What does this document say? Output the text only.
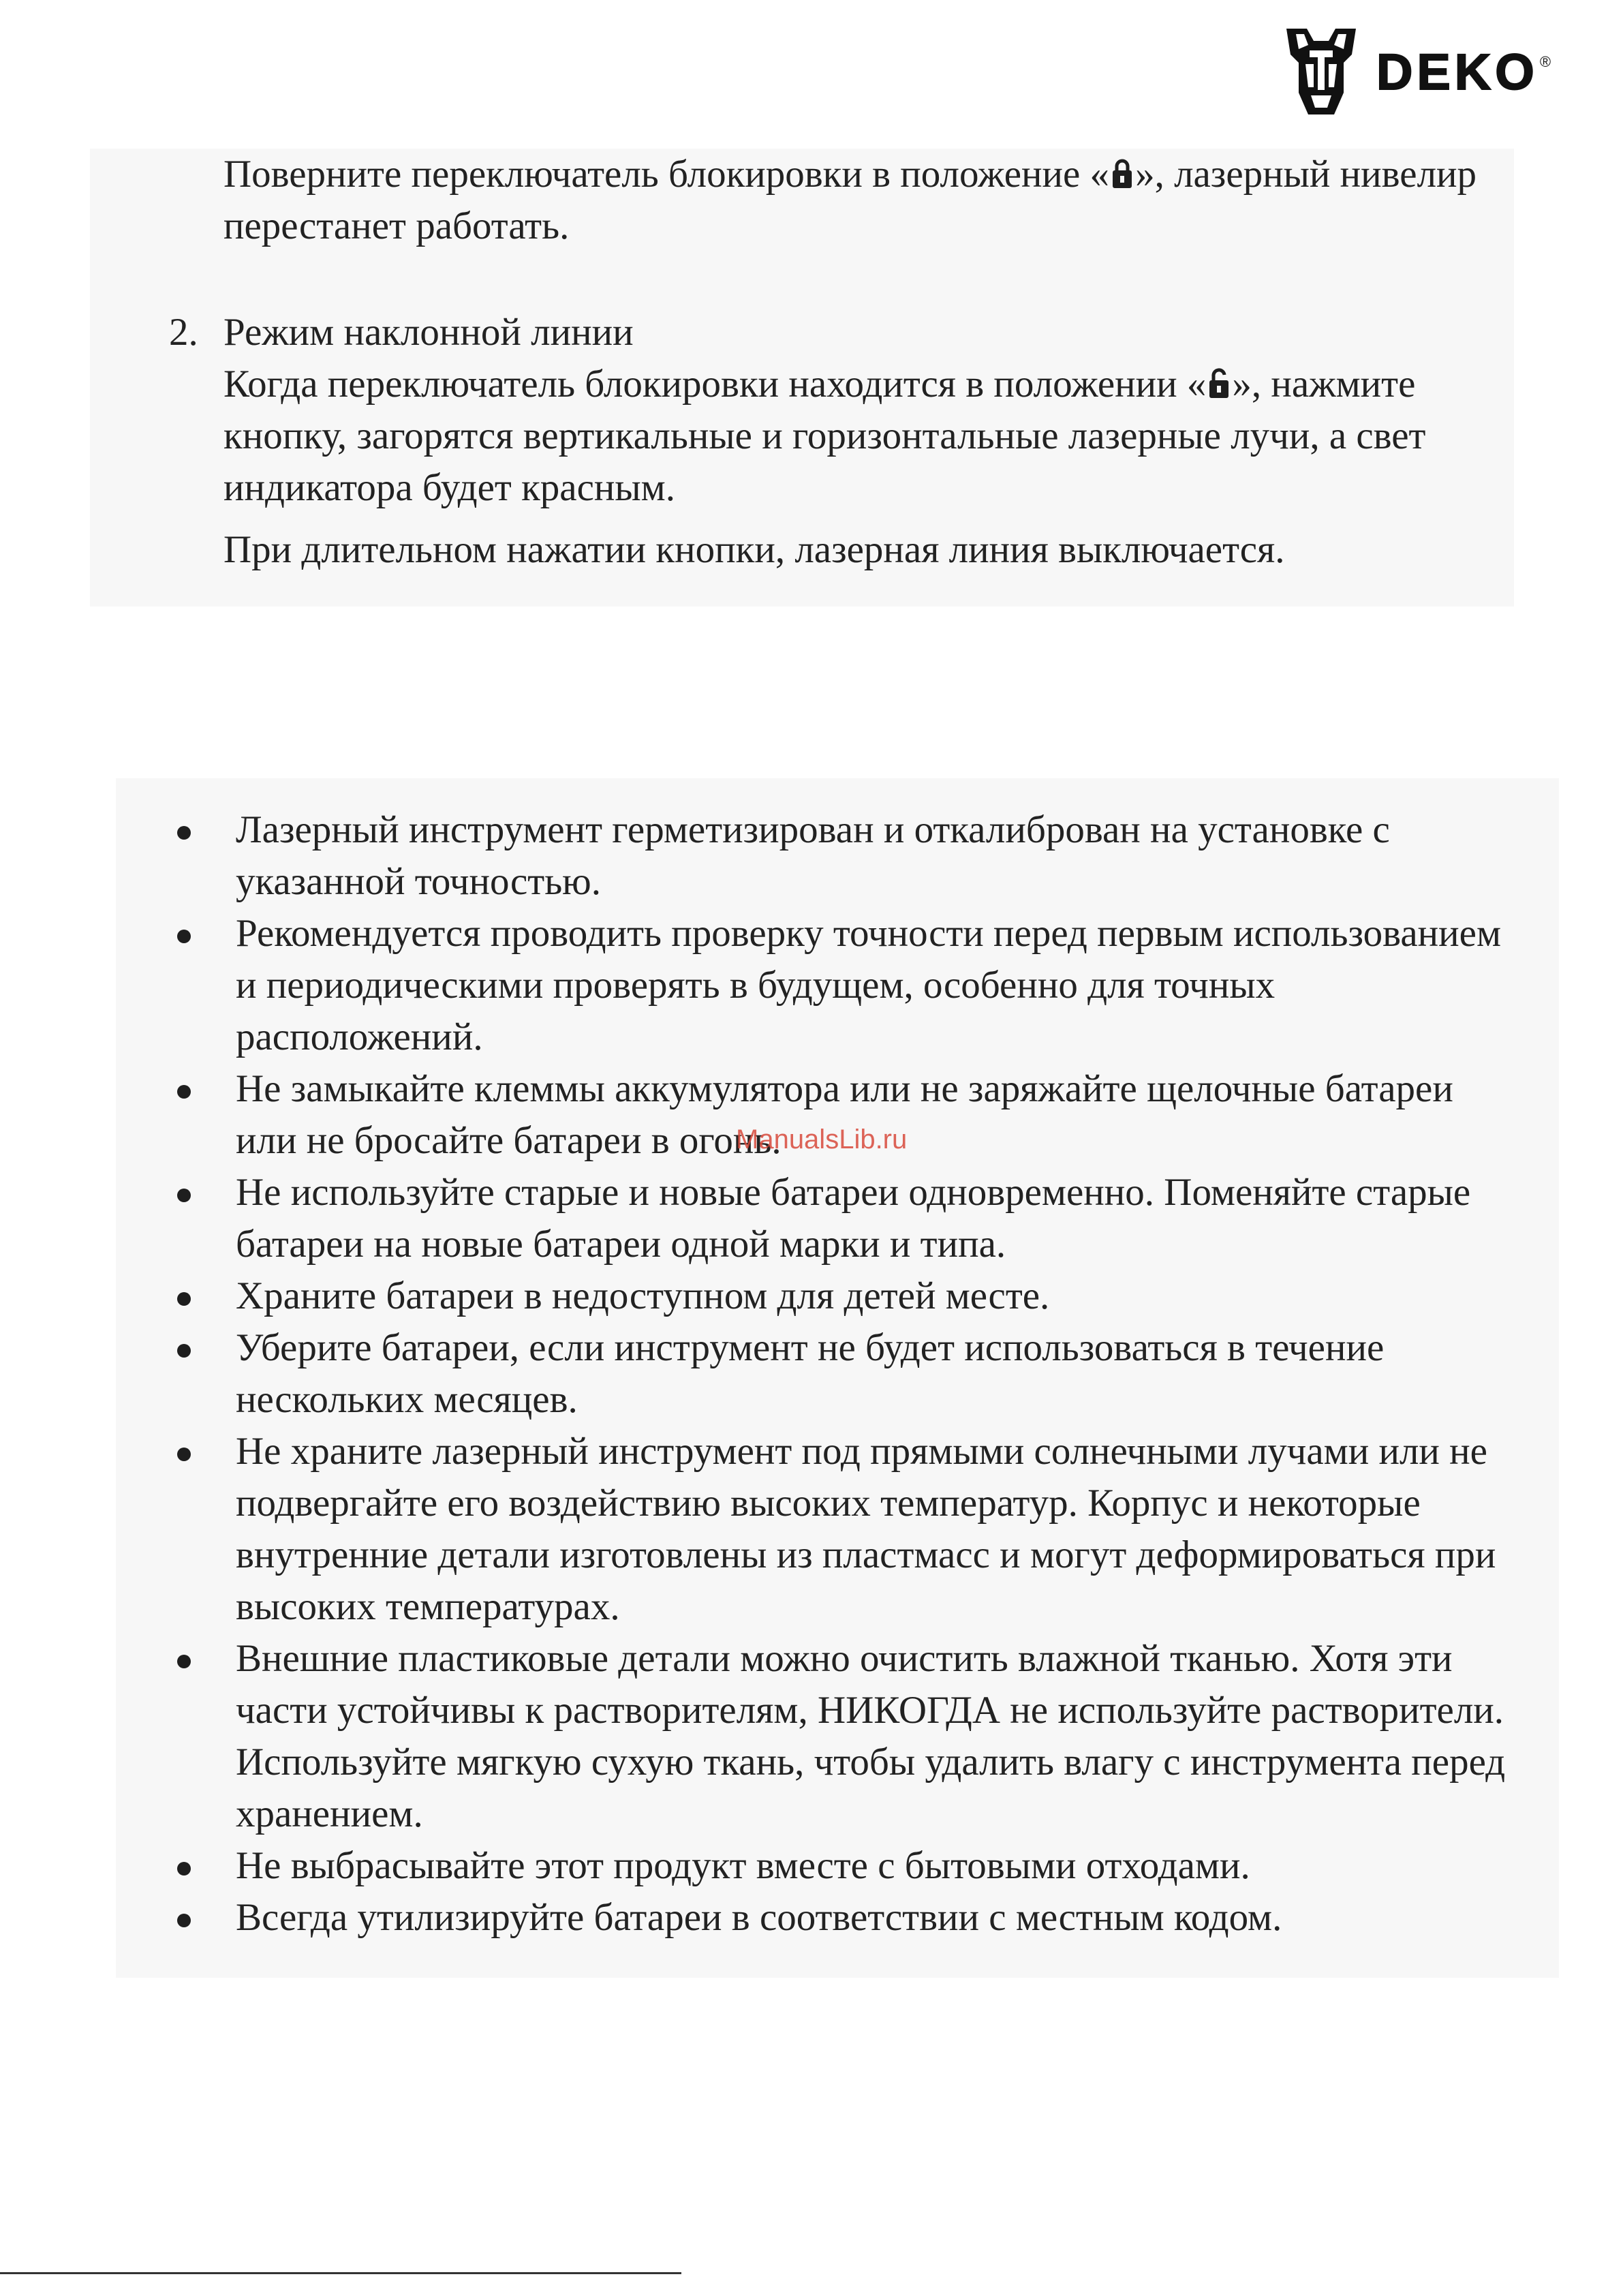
DEKO ®
Поверните переключатель блокировки в положение « », лазерный нивелир перестанет работать.
2. Режим наклонной линии

Когда переключатель блокировки находится в положении « », нажмите кнопку, загорятся вертикальные и горизонтальные лазерные лучи, а свет индикатора будет красным.

При длительном нажатии кнопки, лазерная линия выключается.

Лазерный инструмент герметизирован и откалиброван на установке с указанной точностью.
Рекомендуется проводить проверку точности перед первым использованием и периодическими проверять в будущем, особенно для точных расположений.
Не замыкайте клеммы аккумулятора или не заряжайте щелочные батареи или не бросайте батареи в огонь.
Не используйте старые и новые батареи одновременно. Поменяйте старые батареи на новые батареи одной марки и типа.
Храните батареи в недоступном для детей месте.
Уберите батареи, если инструмент не будет использоваться в течение нескольких месяцев.
Не храните лазерный инструмент под прямыми солнечными лучами или не подвергайте его воздействию высоких температур. Корпус и некоторые внутренние детали изготовлены из пластмасс и могут деформироваться при высоких температурах.
Внешние пластиковые детали можно очистить влажной тканью. Хотя эти части устойчивы к растворителям, НИКОГДА не используйте растворители. Используйте мягкую сухую ткань, чтобы удалить влагу с инструмента перед хранением.
Не выбрасывайте этот продукт вместе с бытовыми отходами.
Всегда утилизируйте батареи в соответствии с местным кодом.
ManualsLib.ru
